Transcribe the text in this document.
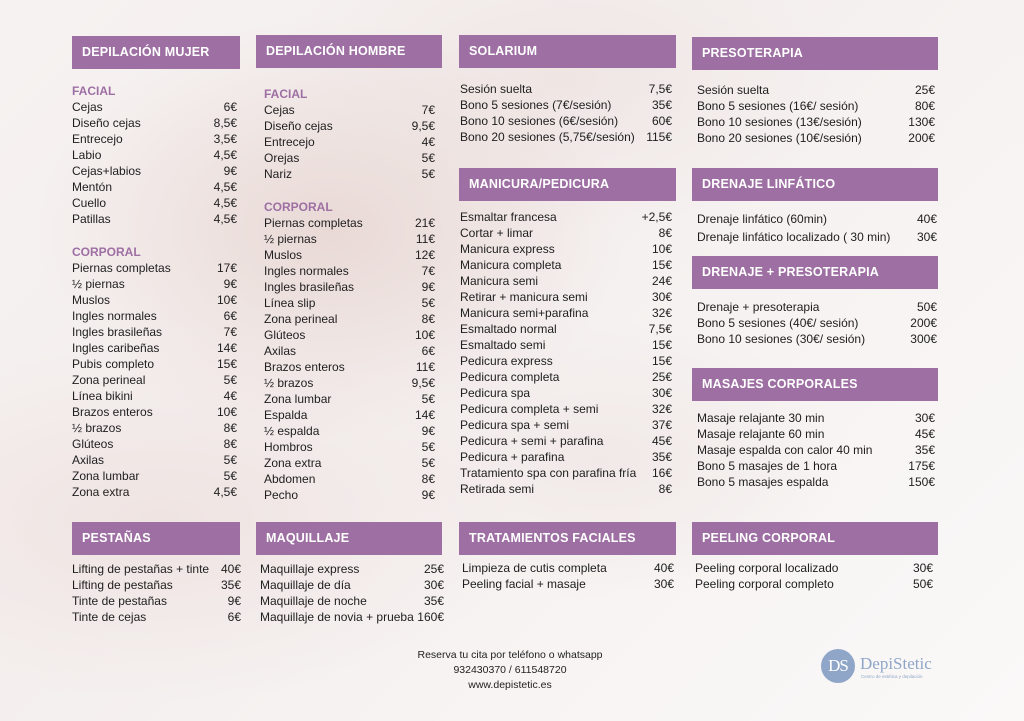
DEPILACIÓN MUJER	DEPILACIÓN HOMBRE	SOLARIUM	PRESOTERAPIA
MANICURA/PEDICURA	DRENAJE LINFÁTICO
DRENAJE + PRESOTERAPIA
MASAJES CORPORALES
PESTAÑAS	MAQUILLAJE	TRATAMIENTOS FACIALES	PEELING CORPORAL
FACIAL
Cejas	6€
Diseño cejas	8,5€
Entrecejo	3,5€
Labio	4,5€
Cejas+labios	9€
Mentón	4,5€
Cuello	4,5€
Patillas	4,5€
CORPORAL
Piernas completas	17€
½ piernas	9€
Muslos	10€
Ingles normales	6€
Ingles brasileñas	7€
Ingles caribeñas	14€
Pubis completo	15€
Zona perineal	5€
Línea bikini	4€
Brazos enteros	10€
½ brazos	8€
Glúteos	8€
Axilas	5€
Zona lumbar	5€
Zona extra	4,5€
FACIAL
Cejas	7€
Diseño cejas	9,5€
Entrecejo	4€
Orejas	5€
Nariz	5€
CORPORAL
Piernas completas	21€
½ piernas	11€
Muslos	12€
Ingles normales	7€
Ingles brasileñas	9€
Línea slip	5€
Zona perineal	8€
Glúteos	10€
Axilas	6€
Brazos enteros	11€
½ brazos	9,5€
Zona lumbar	5€
Espalda	14€
½ espalda	9€
Hombros	5€
Zona extra	5€
Abdomen	8€
Pecho	9€
Sesión suelta	7,5€
Bono 5 sesiones (7€/sesión)	35€
Bono 10 sesiones (6€/sesión)	60€
Bono 20 sesiones (5,75€/sesión) 115€
Sesión suelta	25€
Bono 5 sesiones (16€/ sesión)	80€
Bono 10 sesiones (13€/sesión)	130€
Bono 20 sesiones (10€/sesión)	200€
Esmaltar francesa	+2,5€
Cortar + limar	8€
Manicura express	10€
Manicura completa	15€
Manicura semi	24€
Retirar + manicura semi	30€
Manicura semi+parafina	32€
Esmaltado normal	7,5€
Esmaltado semi	15€
Pedicura express	15€
Pedicura completa	25€
Pedicura spa	30€
Pedicura completa + semi	32€
Pedicura spa + semi	37€
Pedicura + semi + parafina	45€
Pedicura + parafina	35€
Tratamiento spa con parafina fría 16€
Retirada semi	8€
Drenaje linfático (60min)	40€
Drenaje linfático localizado ( 30 min) 30€
Drenaje + presoterapia	50€
Bono 5 sesiones (40€/ sesión)	200€
Bono 10 sesiones (30€/ sesión)	300€
Masaje relajante 30 min	30€
Masaje relajante 60 min	45€
Masaje espalda con calor 40 min	35€
Bono 5 masajes de 1 hora	175€
Bono 5 masajes espalda	150€
Lifting de pestañas + tinte 40€
Lifting de pestañas	35€
Tinte de pestañas	9€
Tinte de cejas	6€
Maquillaje express	25€
Maquillaje de día	30€
Maquillaje de noche	35€
Maquillaje de novia + prueba 160€
Limpieza de cutis completa	40€
Peeling facial + masaje	30€
Peeling corporal localizado	30€
Peeling corporal completo	50€
Reserva tu cita por teléfono o whatsapp
932430370 / 611548720
www.depistetic.es
DS DepiStetic
Centro de estética y depilación
